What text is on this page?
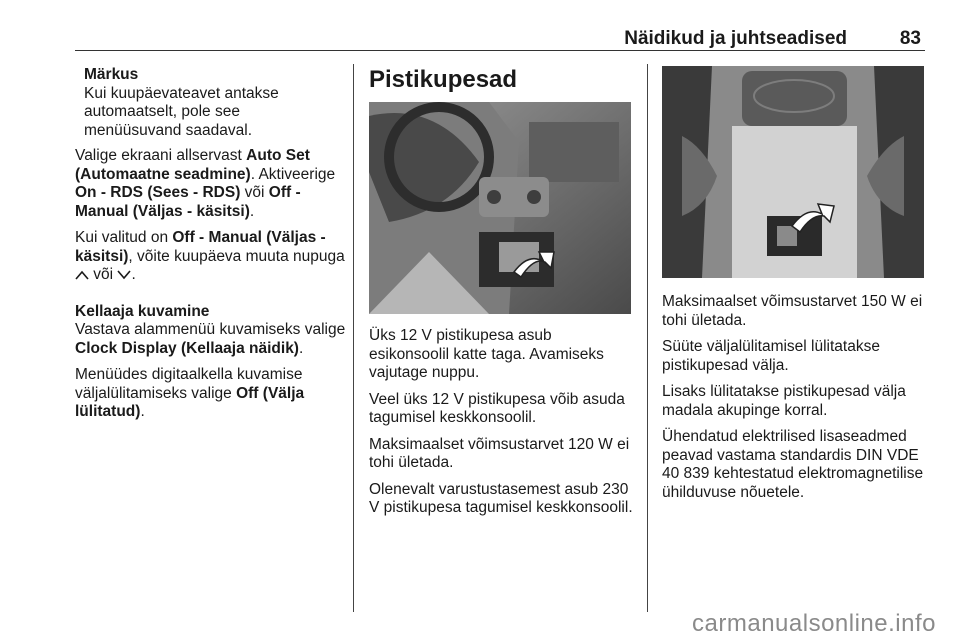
Näidikud ja juhtseadised	83

Märkus
Kui kuupäevateavet antakse
automaatselt, pole see
menüüsuvand saadaval.

Valige ekraani allservast Auto Set (Automaatne seadmine). Aktiveerige On - RDS (Sees - RDS) või Off - Manual (Väljas - käsitsi).

Kui valitud on Off - Manual (Väljas - käsitsi), võite kuupäeva muuta nupuga  või .

Kellaaja kuvamine

Vastava alammenüü kuvamiseks valige Clock Display (Kellaaja näidik).

Menüüdes digitaalkella kuvamise väljalülitamiseks valige Off (Välja lülitatud).

Pistikupesad

Üks 12 V pistikupesa asub esikonsoolil katte taga. Avamiseks vajutage nuppu.

Veel üks 12 V pistikupesa võib asuda tagumisel keskkonsoolil.

Maksimaalset võimsustarvet 120 W ei tohi ületada.

Olenevalt varustustasemest asub 230 V pistikupesa tagumisel keskkonsoolil.

Maksimaalset võimsustarvet 150 W ei tohi ületada.

Süüte väljalülitamisel lülitatakse pistikupesad välja.

Lisaks lülitatakse pistikupesad välja madala akupinge korral.

Ühendatud elektrilised lisaseadmed peavad vastama standardis DIN VDE 40 839 kehtestatud elektromagnetilise ühilduvuse nõuetele.

carmanualsonline.info
